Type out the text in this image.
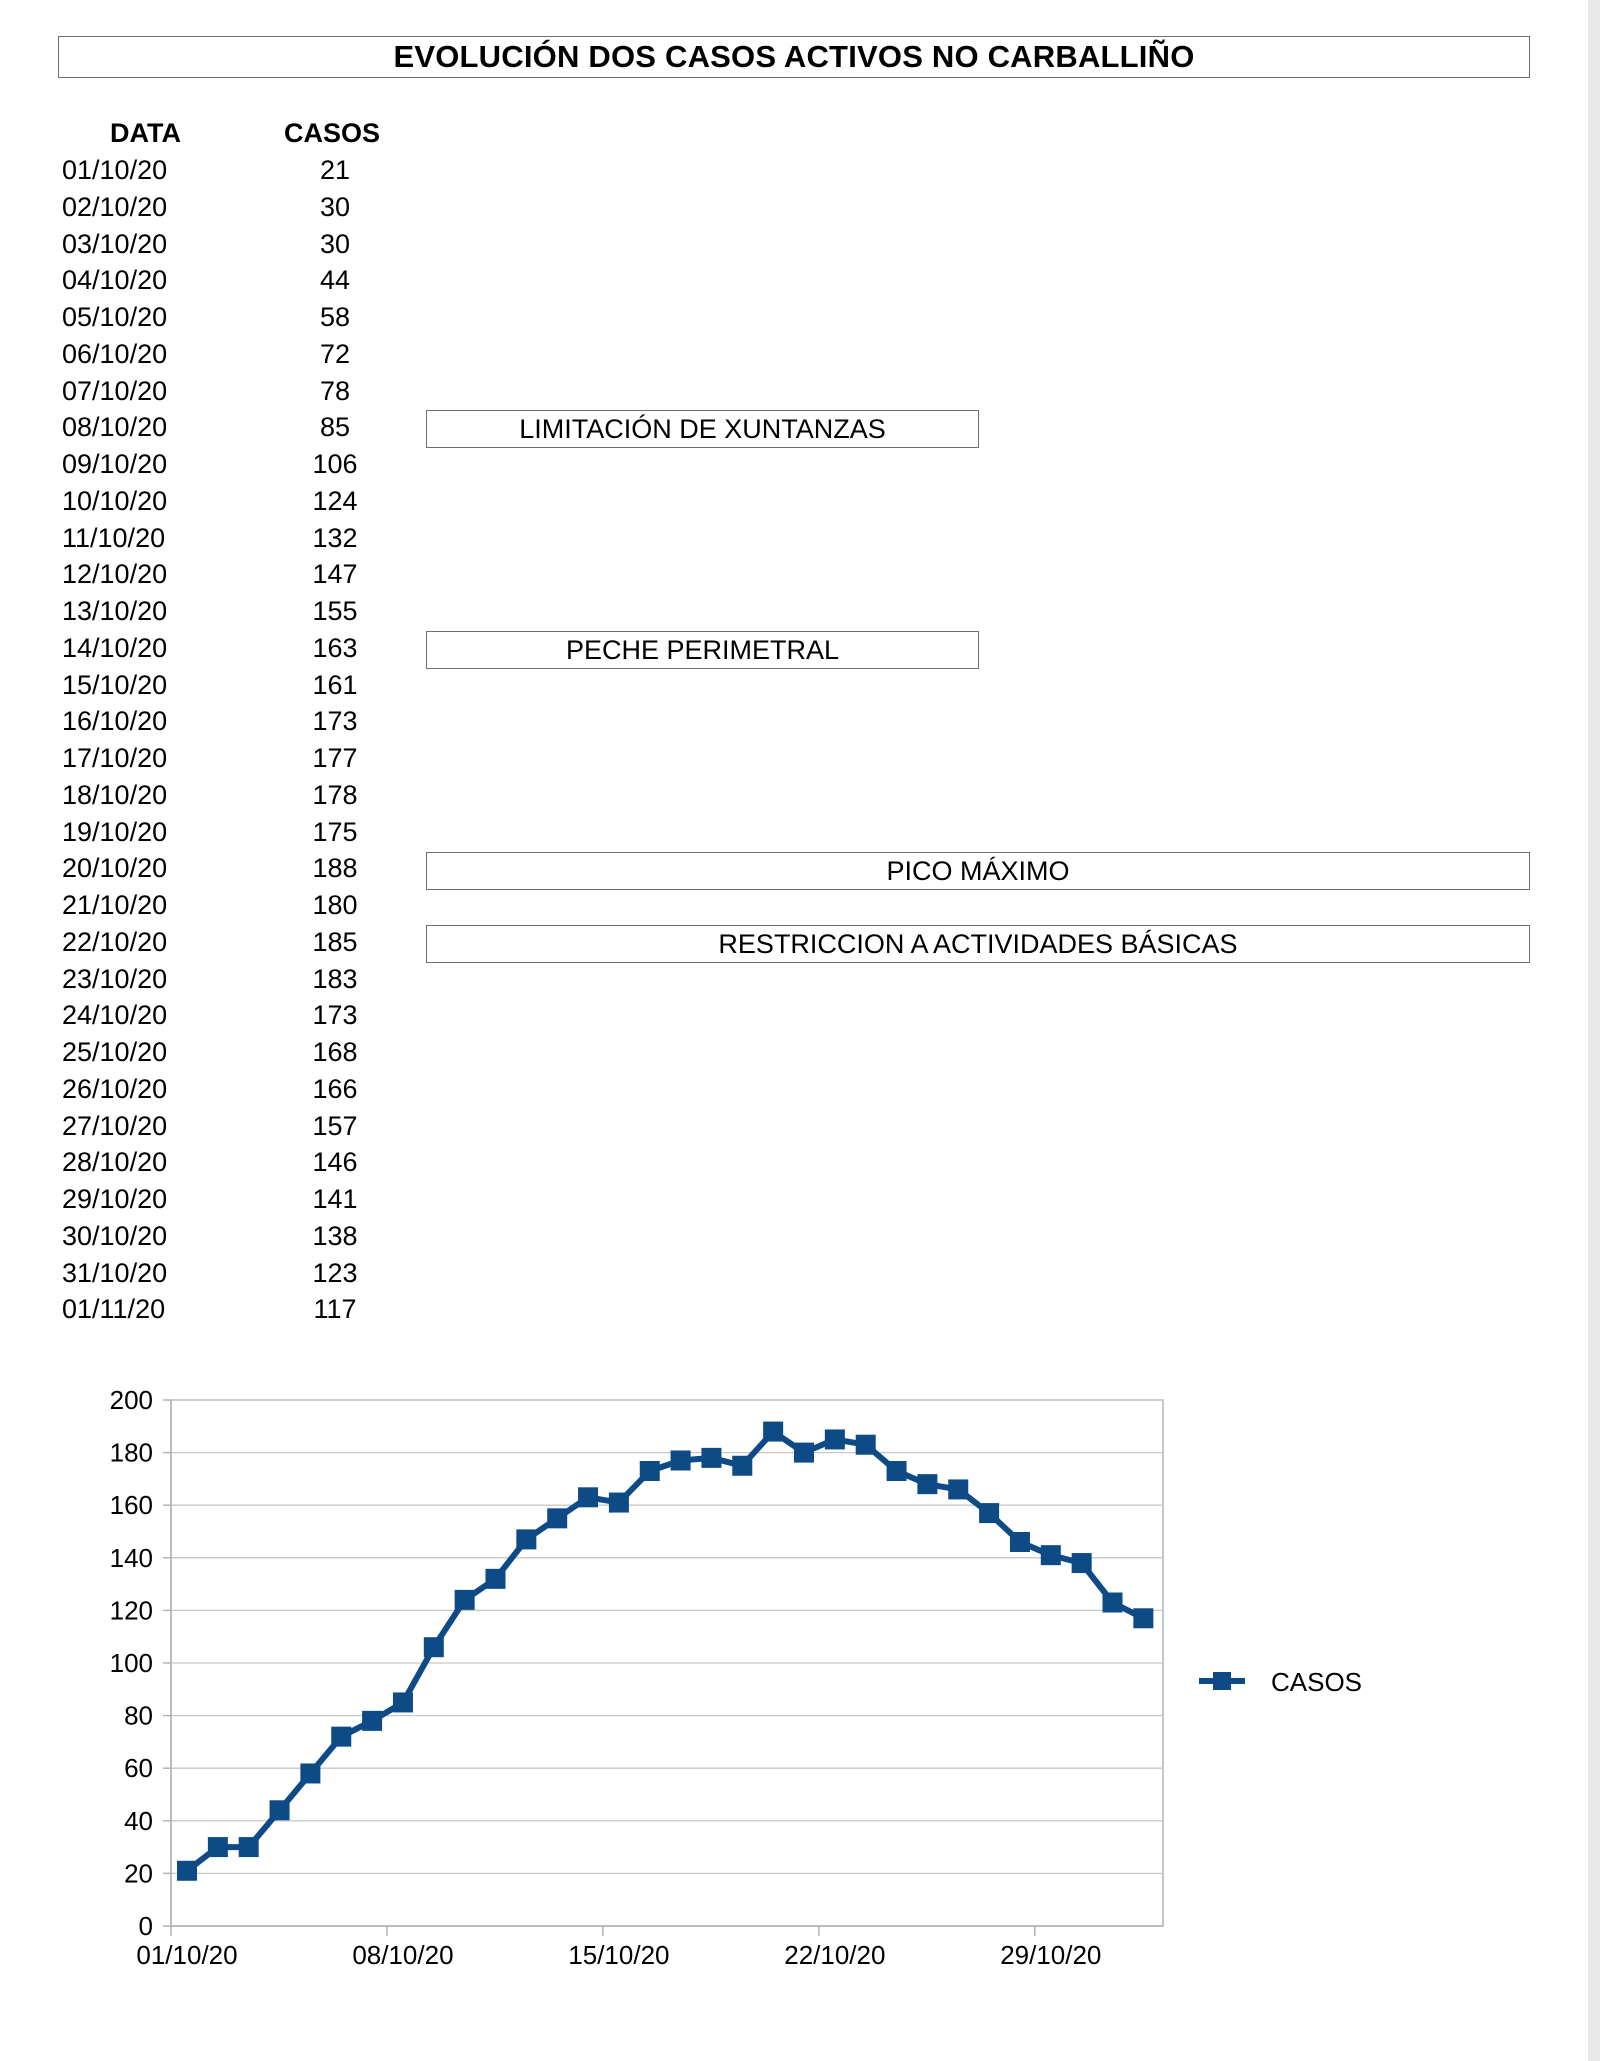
EVOLUCIÓN DOS CASOS ACTIVOS NO CARBALLIÑO
DATA	CASOS
01/10/20	21
02/10/20	30
03/10/20	30
04/10/20	44
05/10/20	58
06/10/20	72
07/10/20	78
08/10/20	85
09/10/20	106
10/10/20	124
11/10/20	132
12/10/20	147
13/10/20	155
14/10/20	163
15/10/20	161
16/10/20	173
17/10/20	177
18/10/20	178
19/10/20	175
20/10/20	188
21/10/20	180
22/10/20	185
23/10/20	183
24/10/20	173
25/10/20	168
26/10/20	166
27/10/20	157
28/10/20	146
29/10/20	141
30/10/20	138
31/10/20	123
01/11/20	117
LIMITACIÓN DE XUNTANZAS
PECHE PERIMETRAL
PICO MÁXIMO
RESTRICCION A ACTIVIDADES BÁSICAS
0
20
40
60
80
100
120
140
160
180
200
01/10/20	08/10/20	15/10/20	22/10/20	29/10/20
CASOS
